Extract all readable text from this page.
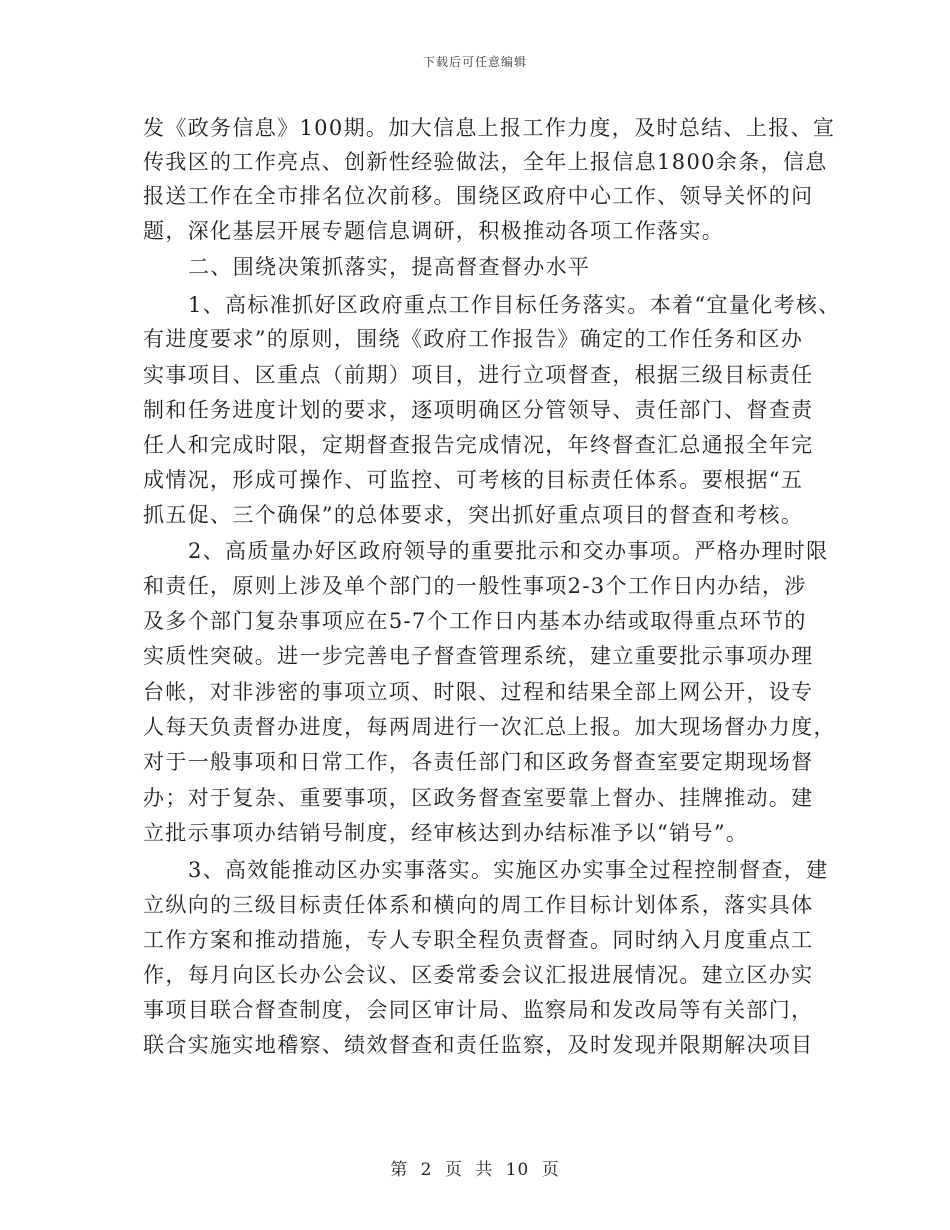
下载后可任意编辑
发《政务信息》100期。加大信息上报工作力度，及时总结、上报、宣
传我区的工作亮点、创新性经验做法，全年上报信息1800余条，信息
报送工作在全市排名位次前移。围绕区政府中心工作、领导关怀的问
题，深化基层开展专题信息调研，积极推动各项工作落实。
二、围绕决策抓落实，提高督查督办水平
1、高标准抓好区政府重点工作目标任务落实。本着“宜量化考核、
有进度要求”的原则，围绕《政府工作报告》确定的工作任务和区办
实事项目、区重点（前期）项目，进行立项督查，根据三级目标责任
制和任务进度计划的要求，逐项明确区分管领导、责任部门、督查责
任人和完成时限，定期督查报告完成情况，年终督查汇总通报全年完
成情况，形成可操作、可监控、可考核的目标责任体系。要根据“五
抓五促、三个确保”的总体要求，突出抓好重点项目的督查和考核。
2、高质量办好区政府领导的重要批示和交办事项。严格办理时限
和责任，原则上涉及单个部门的一般性事项2-3个工作日内办结，涉
及多个部门复杂事项应在5-7个工作日内基本办结或取得重点环节的
实质性突破。进一步完善电子督查管理系统，建立重要批示事项办理
台帐，对非涉密的事项立项、时限、过程和结果全部上网公开，设专
人每天负责督办进度，每两周进行一次汇总上报。加大现场督办力度，
对于一般事项和日常工作，各责任部门和区政务督查室要定期现场督
办；对于复杂、重要事项，区政务督查室要靠上督办、挂牌推动。建
立批示事项办结销号制度，经审核达到办结标准予以“销号”。
3、高效能推动区办实事落实。实施区办实事全过程控制督查，建
立纵向的三级目标责任体系和横向的周工作目标计划体系，落实具体
工作方案和推动措施，专人专职全程负责督查。同时纳入月度重点工
作，每月向区长办公会议、区委常委会议汇报进展情况。建立区办实
事项目联合督查制度，会同区审计局、监察局和发改局等有关部门，
联合实施实地稽察、绩效督查和责任监察，及时发现并限期解决项目
第 2 页 共 10 页
